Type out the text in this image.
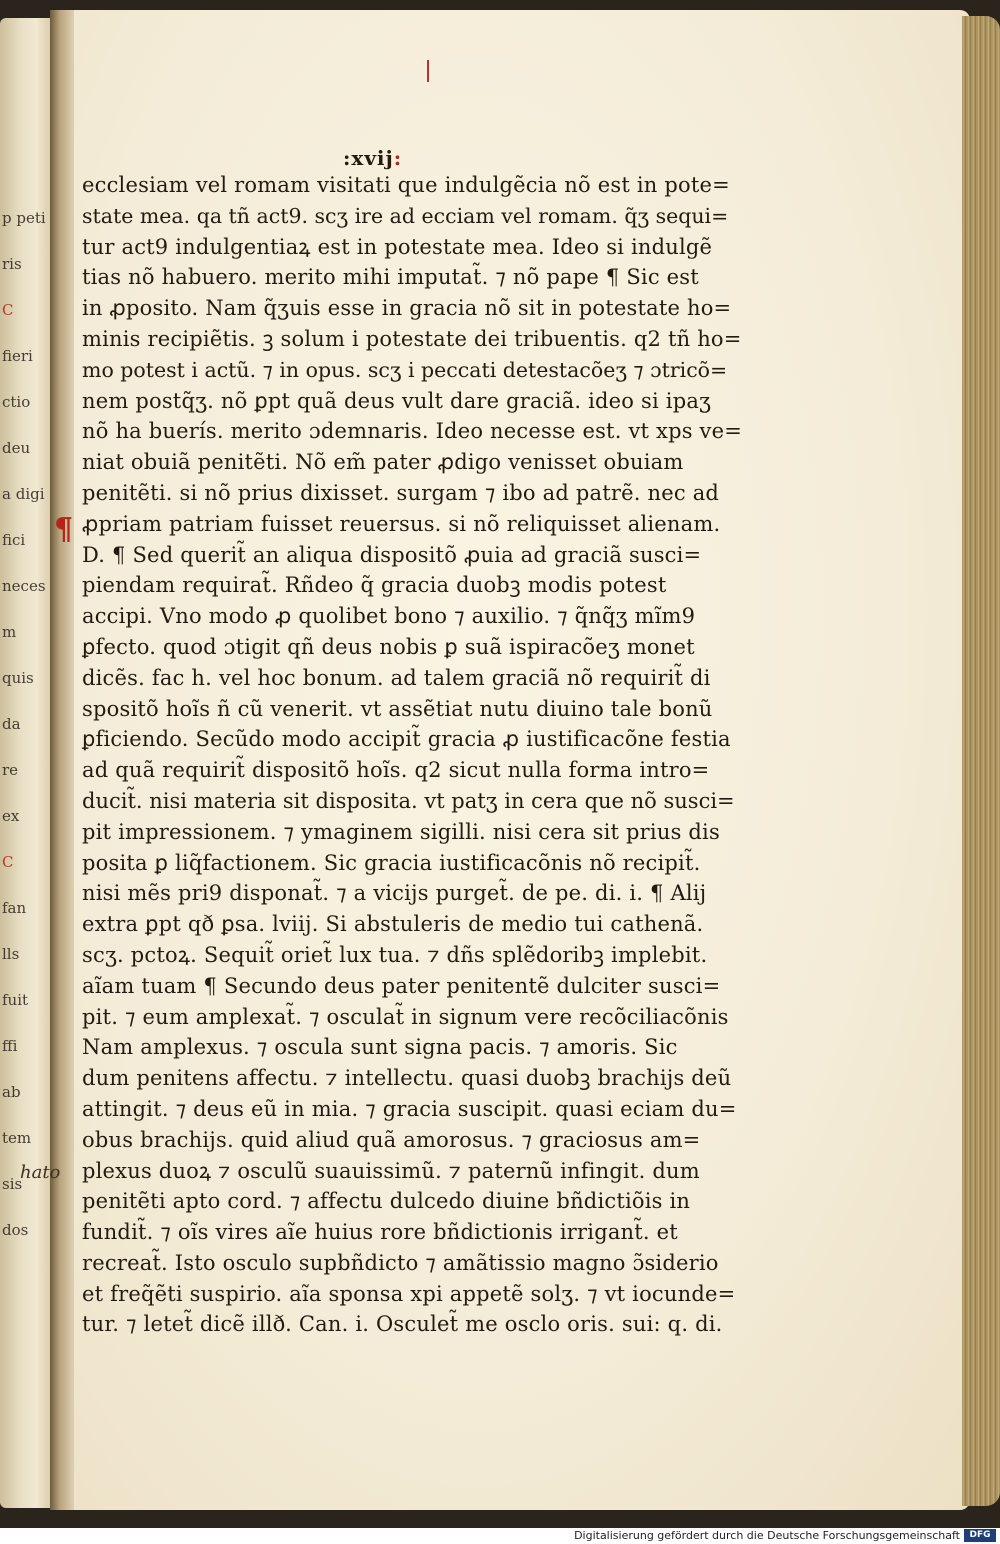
p peti
ris
C
fieri
ctio
deu
a digi
fici
neces
m
quis
da
re
ex
C
fan
lls
fuit
ffi
ab
tem
sis
dos
:xvij:
¶
ecclesiam vel romam visitati que indulgẽcia nõ est in pote=
state mea. qa tñ act9. scʒ ire ad ecciam vel romam. q̃ʒ sequi=
tur act9 indulgentiaꝝ est in potestate mea. Ideo si indulgẽ
tias nõ habuero. merito mihi imputat̃. ⁊ nõ pape ¶ Sic est
in ꝓposito. Nam q̃ʒuis esse in gracia nõ sit in potestate ho=
minis recipiẽtis. ꝫ solum i potestate dei tribuentis. q2 tñ ho=
mo potest i actũ. ⁊ in opus. scʒ i peccati detestacõeʒ ⁊ ɔtricõ=
nem postq̃ʒ. nõ ꝑpt quã deus vult dare graciã. ideo si ipaʒ
nõ ha buerís. merito ɔdemnaris. Ideo necesse est. vt xps ve=
niat obuiã penitẽti. Nõ em̃ pater ꝓdigo venisset obuiam
penitẽti. si nõ prius dixisset. surgam ⁊ ibo ad patrẽ. nec ad
ꝓpriam patriam fuisset reuersus. si nõ reliquisset alienam.
D. ¶ Sed querit̃ an aliqua dispositõ ꝓuia ad graciã susci=
piendam requirat̃. Rñdeo q̃ gracia duobꝫ modis potest
accipi. Vno modo ꝓ quolibet bono ⁊ auxilio. ⁊ q̃nq̃ʒ mĩm9
ꝑfecto. quod ɔtigit qñ deus nobis ꝑ suã ispiracõeʒ monet
dicẽs. fac h. vel hoc bonum. ad talem graciã nõ requirit̃ di
spositõ hoĩs ñ cũ venerit. vt assẽtiat nutu diuino tale bonũ
ꝑficiendo. Secũdo modo accipit̃ gracia ꝓ iustificacõne festia
ad quã requirit̃ dispositõ hoĩs. q2 sicut nulla forma intro=
ducit̃. nisi materia sit disposita. vt patʒ in cera que nõ susci=
pit impressionem. ⁊ ymaginem sigilli. nisi cera sit prius dis
posita ꝑ liq̃factionem. Sic gracia iustificacõnis nõ recipit̃.
nisi mẽs pri9 disponat̃. ⁊ a vicijs purget̃. de pe. di. i. ¶ Alij
extra ꝑpt qð ꝑsa. lviij. Si abstuleris de medio tui cathenã.
scʒ. pctoꝝ. Sequit̃ oriet̃ lux tua. ⁊ dñs splẽdoribꝫ implebit.
aĩam tuam ¶ Secundo deus pater penitentẽ dulciter susci=
pit. ⁊ eum amplexat̃. ⁊ osculat̃ in signum vere recõciliacõnis
Nam amplexus. ⁊ oscula sunt signa pacis. ⁊ amoris. Sic
dum penitens affectu. ⁊ intellectu. quasi duobꝫ brachijs deũ
attingit. ⁊ deus eũ in mia. ⁊ gracia suscipit. quasi eciam du=
obus brachijs. quid aliud quã amorosus. ⁊ graciosus am=
plexus duoꝝ ⁊ osculũ suauissimũ. ⁊ paternũ infingit. dum
penitẽti apto cord. ⁊ affectu dulcedo diuine bñdictiõis in
fundit̃. ⁊ oĩs vires aĩe huius rore bñdictionis irrigant̃. et
recreat̃. Isto osculo supbñdicto ⁊ amãtissio magno ɔ̃siderio
et freq̃ẽti suspirio. aĩa sponsa xpi appetẽ solʒ. ⁊ vt iocunde=
tur. ⁊ letet̃ dicẽ illð. Can. i. Osculet̃ me osclo oris. sui: q. di.
hato
Digitalisierung gefördert durch die Deutsche Forschungsgemeinschaft	DFG
